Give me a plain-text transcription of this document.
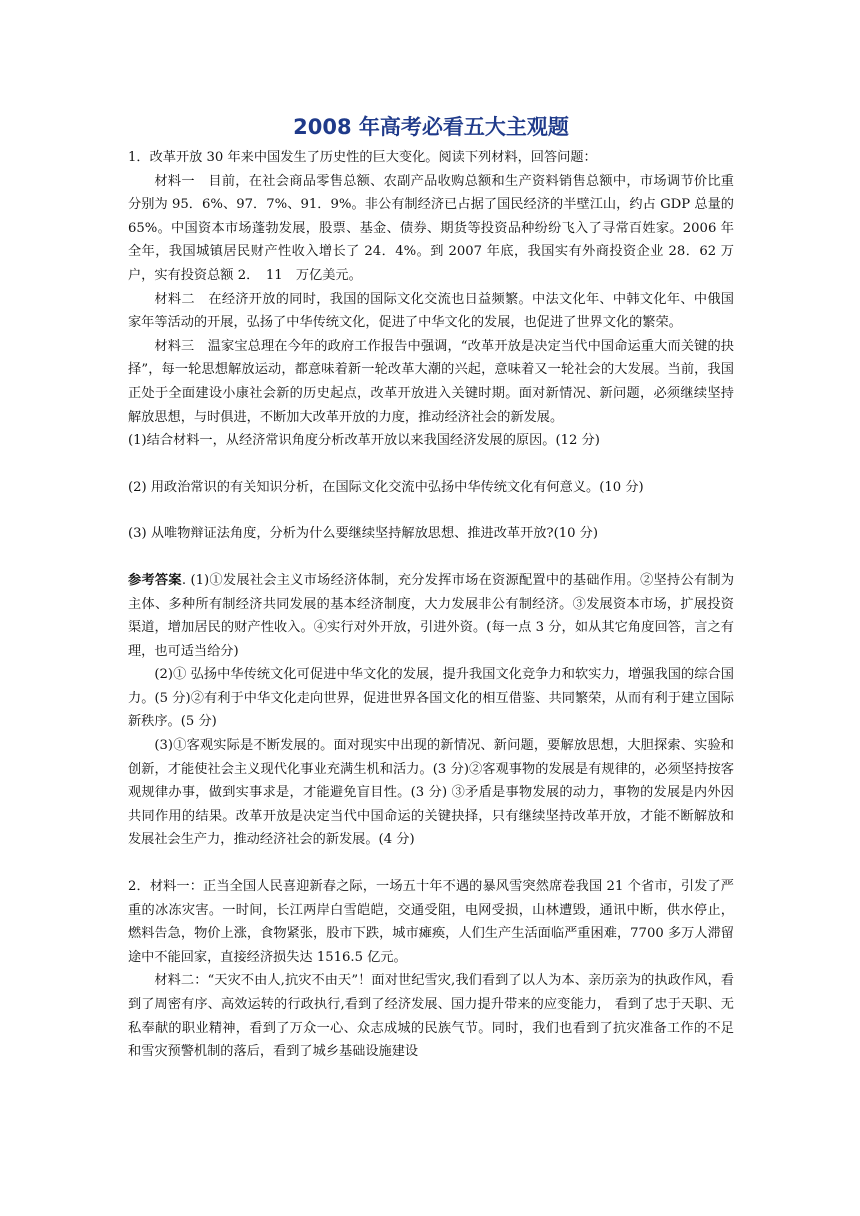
2008 年高考必看五大主观题

1．改革开放 30 年来中国发生了历史性的巨大变化。阅读下列材料，回答问题：

材料一　目前，在社会商品零售总额、农副产品收购总额和生产资料销售总额中，市场调节价比重分别为 95．6%、97．7%、91．9%。非公有制经济已占据了国民经济的半壁江山，约占 GDP 总量的 65%。中国资本市场蓬勃发展，股票、基金、债券、期货等投资品种纷纷飞入了寻常百姓家。2006 年全年，我国城镇居民财产性收入增长了 24．4%。到 2007 年底，我国实有外商投资企业 28．62 万户，实有投资总额 2．　11　万亿美元。

材料二　在经济开放的同时，我国的国际文化交流也日益频繁。中法文化年、中韩文化年、中俄国家年等活动的开展，弘扬了中华传统文化，促进了中华文化的发展，也促进了世界文化的繁荣。

材料三　温家宝总理在今年的政府工作报告中强调，“改革开放是决定当代中国命运重大而关键的抉择”，每一轮思想解放运动，都意味着新一轮改革大潮的兴起，意味着又一轮社会的大发展。当前，我国正处于全面建设小康社会新的历史起点，改革开放进入关键时期。面对新情况、新问题，必须继续坚持解放思想，与时俱进，不断加大改革开放的力度，推动经济社会的新发展。

(1)结合材料一，从经济常识角度分析改革开放以来我国经济发展的原因。(12 分)

(2) 用政治常识的有关知识分析，在国际文化交流中弘扬中华传统文化有何意义。(10 分)

(3) 从唯物辩证法角度，分析为什么要继续坚持解放思想、推进改革开放?(10 分)

参考答案. (1)①发展社会主义市场经济体制，充分发挥市场在资源配置中的基础作用。②坚持公有制为主体、多种所有制经济共同发展的基本经济制度，大力发展非公有制经济。③发展资本市场，扩展投资渠道，增加居民的财产性收入。④实行对外开放，引进外资。(每一点 3 分，如从其它角度回答，言之有理，也可适当给分)

(2)① 弘扬中华传统文化可促进中华文化的发展，提升我国文化竞争力和软实力，增强我国的综合国力。(5 分)②有利于中华文化走向世界，促进世界各国文化的相互借鉴、共同繁荣，从而有利于建立国际新秩序。(5 分)

(3)①客观实际是不断发展的。面对现实中出现的新情况、新问题，要解放思想，大胆探索、实验和创新，才能使社会主义现代化事业充满生机和活力。(3 分)②客观事物的发展是有规律的，必须坚持按客观规律办事，做到实事求是，才能避免盲目性。(3 分) ③矛盾是事物发展的动力，事物的发展是内外因共同作用的结果。改革开放是决定当代中国命运的关键抉择，只有继续坚持改革开放，才能不断解放和发展社会生产力，推动经济社会的新发展。(4 分)

2．材料一：正当全国人民喜迎新春之际，一场五十年不遇的暴风雪突然席卷我国 21 个省市，引发了严重的冰冻灾害。一时间，长江两岸白雪皑皑，交通受阻，电网受损，山林遭毁，通讯中断，供水停止，燃料告急，物价上涨，食物紧张，股市下跌，城市瘫痪，人们生产生活面临严重困难，7700 多万人滞留途中不能回家，直接经济损失达 1516.5 亿元。

材料二：“天灾不由人,抗灾不由天”！面对世纪雪灾,我们看到了以人为本、亲历亲为的执政作风，看到了周密有序、高效运转的行政执行,看到了经济发展、国力提升带来的应变能力， 看到了忠于天职、无私奉献的职业精神，看到了万众一心、众志成城的民族气节。同时，我们也看到了抗灾准备工作的不足和雪灾预警机制的落后，看到了城乡基础设施建设
